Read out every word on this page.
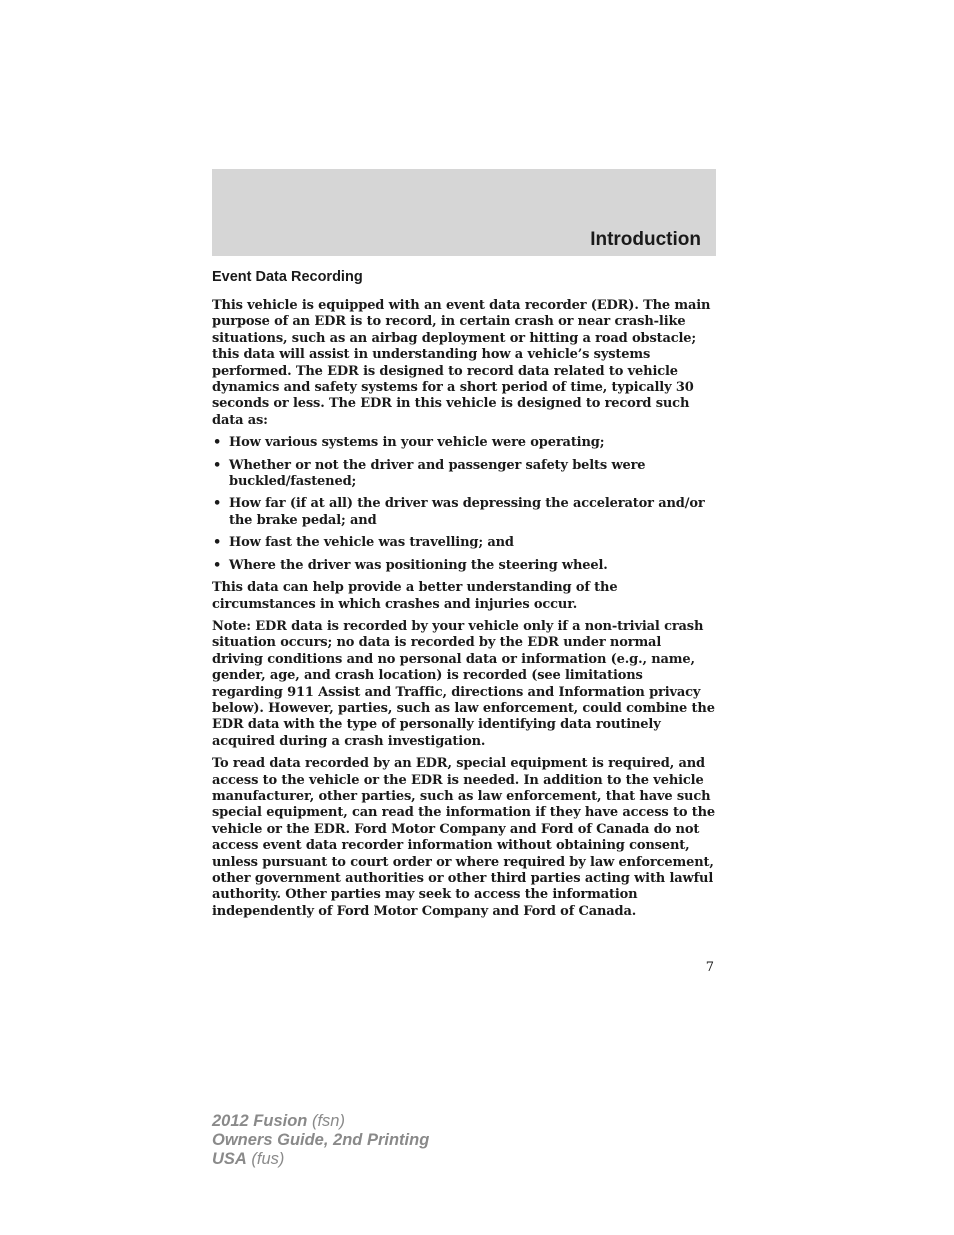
Introduction
Event Data Recording

This vehicle is equipped with an event data recorder (EDR). The main purpose of an EDR is to record, in certain crash or near crash-like situations, such as an airbag deployment or hitting a road obstacle; this data will assist in understanding how a vehicle’s systems performed. The EDR is designed to record data related to vehicle dynamics and safety systems for a short period of time, typically 30 seconds or less. The EDR in this vehicle is designed to record such data as:

• How various systems in your vehicle were operating;
• Whether or not the driver and passenger safety belts were buckled/fastened;
• How far (if at all) the driver was depressing the accelerator and/or the brake pedal; and
• How fast the vehicle was travelling; and
• Where the driver was positioning the steering wheel.

This data can help provide a better understanding of the circumstances in which crashes and injuries occur.

Note: EDR data is recorded by your vehicle only if a non-trivial crash situation occurs; no data is recorded by the EDR under normal driving conditions and no personal data or information (e.g., name, gender, age, and crash location) is recorded (see limitations regarding 911 Assist and Traffic, directions and Information privacy below). However, parties, such as law enforcement, could combine the EDR data with the type of personally identifying data routinely acquired during a crash investigation.

To read data recorded by an EDR, special equipment is required, and access to the vehicle or the EDR is needed. In addition to the vehicle manufacturer, other parties, such as law enforcement, that have such special equipment, can read the information if they have access to the vehicle or the EDR. Ford Motor Company and Ford of Canada do not access event data recorder information without obtaining consent, unless pursuant to court order or where required by law enforcement, other government authorities or other third parties acting with lawful authority. Other parties may seek to access the information independently of Ford Motor Company and Ford of Canada.

7
2012 Fusion (fsn)
Owners Guide, 2nd Printing
USA (fus)
